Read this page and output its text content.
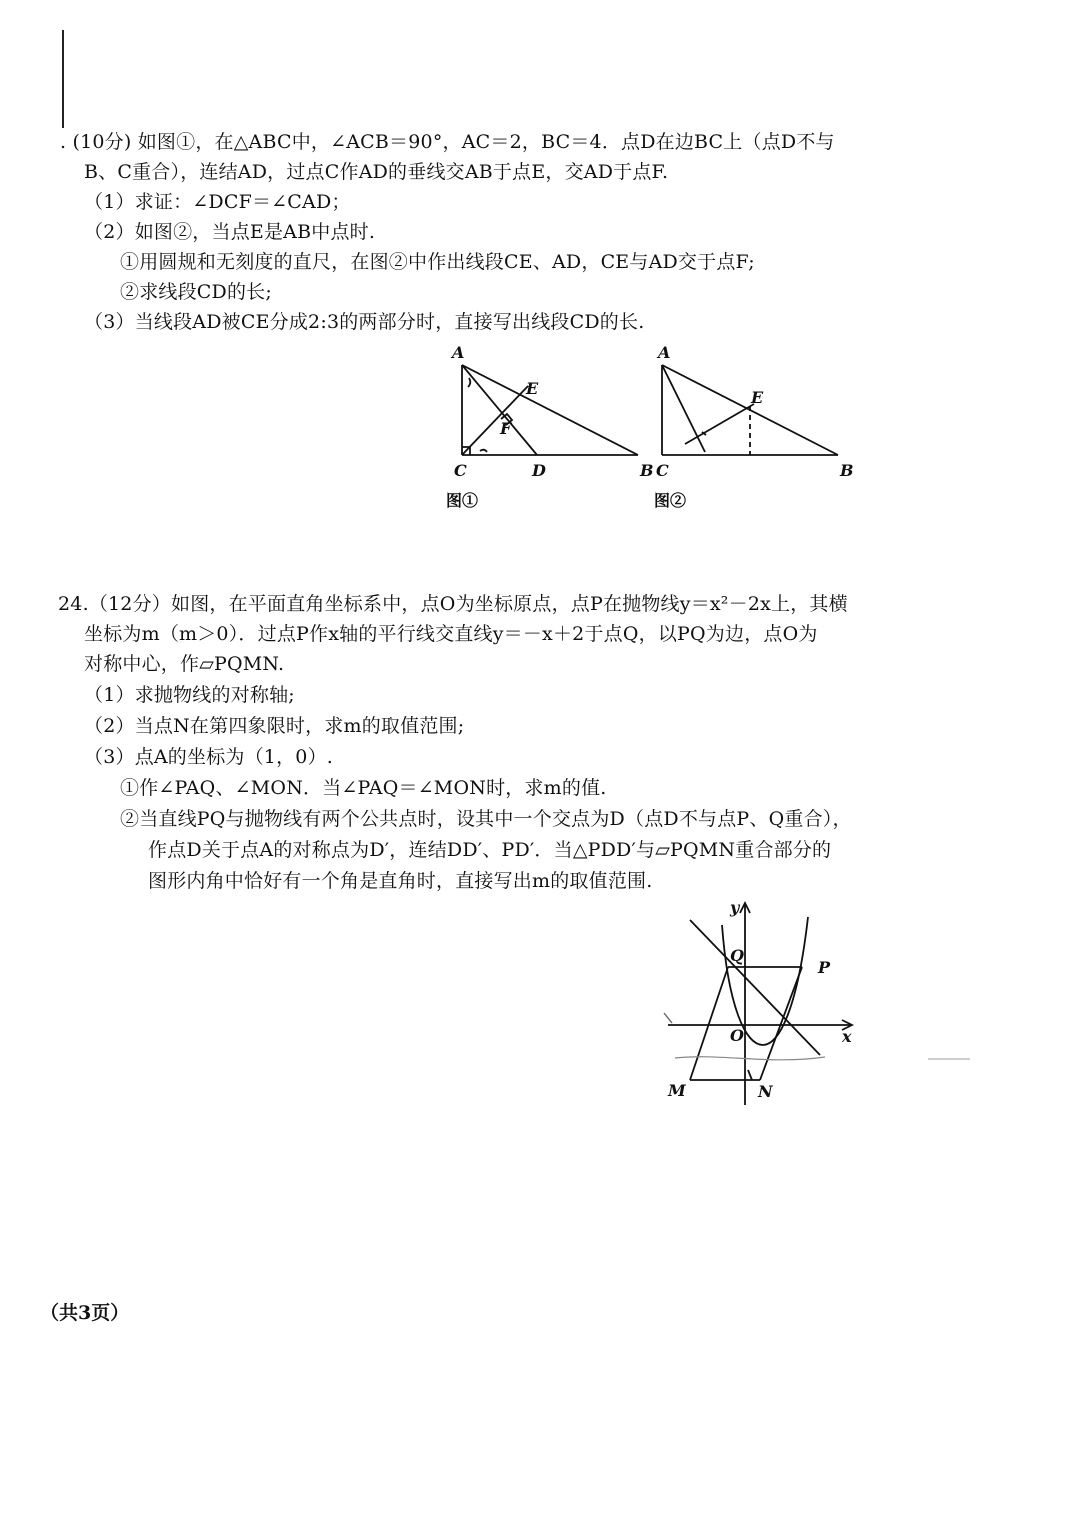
. (10分) 如图①，在△ABC中，∠ACB＝90°，AC＝2，BC＝4．点D在边BC上（点D不与
B、C重合），连结AD，过点C作AD的垂线交AB于点E，交AD于点F.
（1）求证：∠DCF＝∠CAD；
（2）如图②，当点E是AB中点时.
①用圆规和无刻度的直尺，在图②中作出线段CE、AD，CE与AD交于点F;
②求线段CD的长;
（3）当线段AD被CE分成2:3的两部分时，直接写出线段CD的长.
A
E
F
C	D	B
图①
A
E
C	B
图②
24.（12分）如图，在平面直角坐标系中，点O为坐标原点，点P在抛物线y＝x²－2x上，其横
坐标为m（m＞0）．过点P作x轴的平行线交直线y＝－x＋2于点Q，以PQ为边，点O为
对称中心，作▱PQMN.
（1）求抛物线的对称轴;
（2）当点N在第四象限时，求m的取值范围;
（3）点A的坐标为（1，0）.
①作∠PAQ、∠MON．当∠PAQ＝∠MON时，求m的值.
②当直线PQ与抛物线有两个公共点时，设其中一个交点为D（点D不与点P、Q重合），
作点D关于点A的对称点为D′，连结DD′、PD′．当△PDD′与▱PQMN重合部分的
图形内角中恰好有一个角是直角时，直接写出m的取值范围.
y
Q
P
O	x
M	N
（共3页）
